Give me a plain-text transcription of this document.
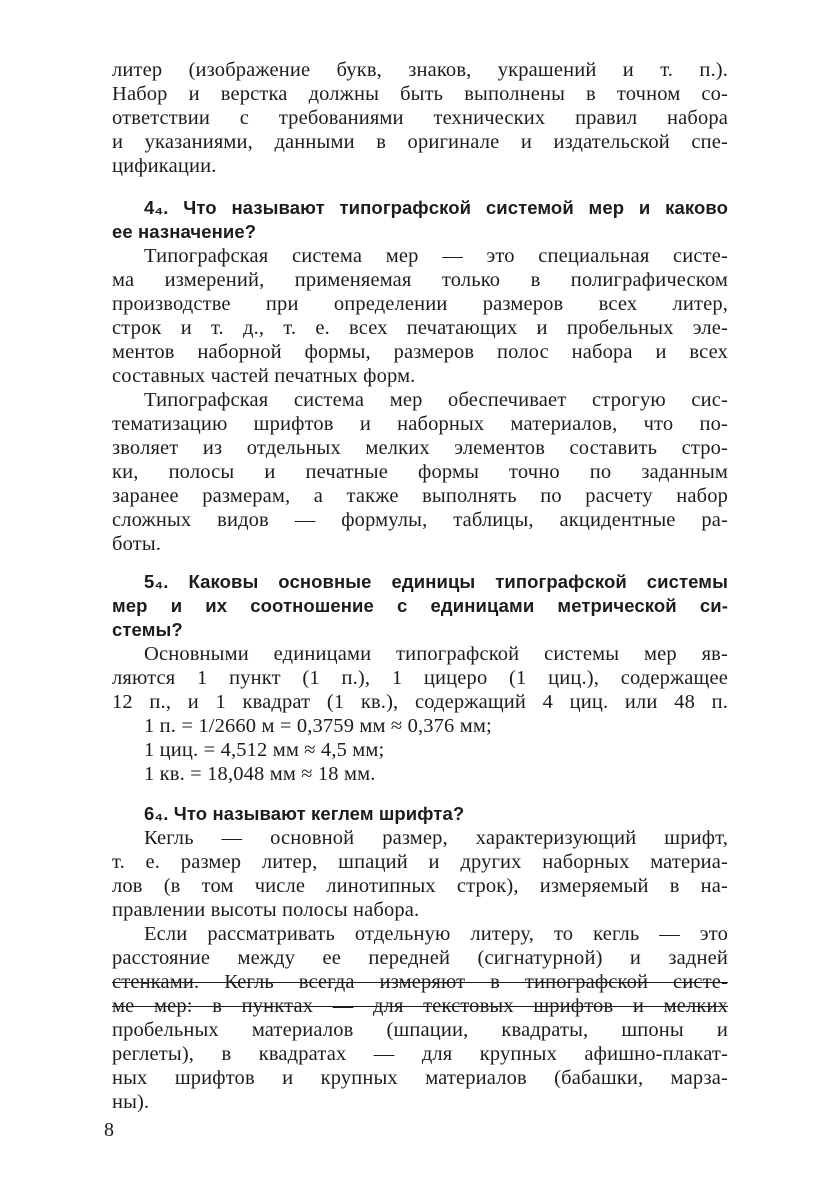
литер (изображение букв, знаков, украшений и т. п.).
Набор и верстка должны быть выполнены в точном со-
ответствии с требованиями технических правил набора
и указаниями, данными в оригинале и издательской спе-
цификации.
4₄. Что называют типографской системой мер и каково
ее назначение?
Типографская система мер — это специальная систе-
ма измерений, применяемая только в полиграфическом
производстве при определении размеров всех литер,
строк и т. д., т. е. всех печатающих и пробельных эле-
ментов наборной формы, размеров полос набора и всех
составных частей печатных форм.
Типографская система мер обеспечивает строгую сис-
тематизацию шрифтов и наборных материалов, что по-
зволяет из отдельных мелких элементов составить стро-
ки, полосы и печатные формы точно по заданным
заранее размерам, а также выполнять по расчету набор
сложных видов — формулы, таблицы, акцидентные ра-
боты.
5₄. Каковы основные единицы типографской системы
мер и их соотношение с единицами метрической си-
стемы?
Основными единицами типографской системы мер яв-
ляются 1 пункт (1 п.), 1 цицеро (1 циц.), содержащее
12 п., и 1 квадрат (1 кв.), содержащий 4 циц. или 48 п.
1 п. = 1/2660 м = 0,3759 мм ≈ 0,376 мм;
1 циц. = 4,512 мм ≈ 4,5 мм;
1 кв. = 18,048 мм ≈ 18 мм.
6₄. Что называют кеглем шрифта?
Кегль — основной размер, характеризующий шрифт,
т. е. размер литер, шпаций и других наборных материа-
лов (в том числе линотипных строк), измеряемый в на-
правлении высоты полосы набора.
Если рассматривать отдельную литеру, то кегль — это
расстояние между ее передней (сигнатурной) и задней
стенками. Кегль всегда измеряют в типографской систе-
ме мер: в пунктах — для текстовых шрифтов и мелких
пробельных материалов (шпации, квадраты, шпоны и
реглеты), в квадратах — для крупных афишно-плакат-
ных шрифтов и крупных материалов (бабашки, марза-
ны).
8
